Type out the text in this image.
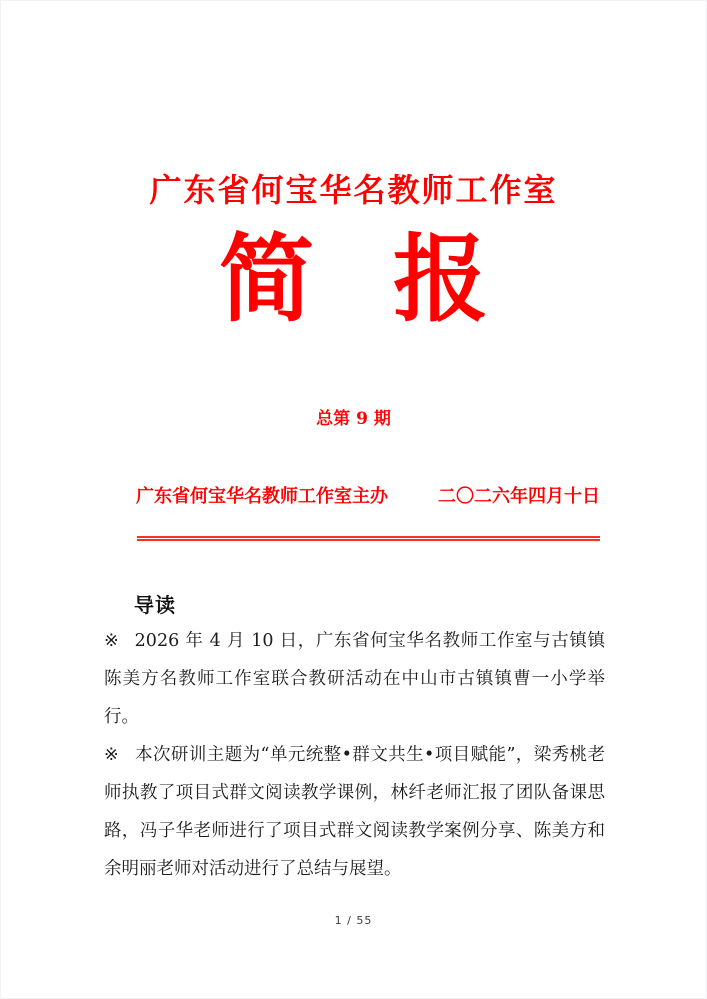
广东省何宝华名教师工作室
简 报
总第 9 期
广东省何宝华名教师工作室主办	二〇二六年四月十日
导读

※ 2026 年 4 月 10 日，广东省何宝华名教师工作室与古镇镇陈美方名教师工作室联合教研活动在中山市古镇镇曹一小学举行。

※ 本次研训主题为“单元统整•群文共生•项目赋能”，梁秀桃老师执教了项目式群文阅读教学课例，林纤老师汇报了团队备课思路，冯子华老师进行了项目式群文阅读教学案例分享、陈美方和余明丽老师对活动进行了总结与展望。

1 / 55
